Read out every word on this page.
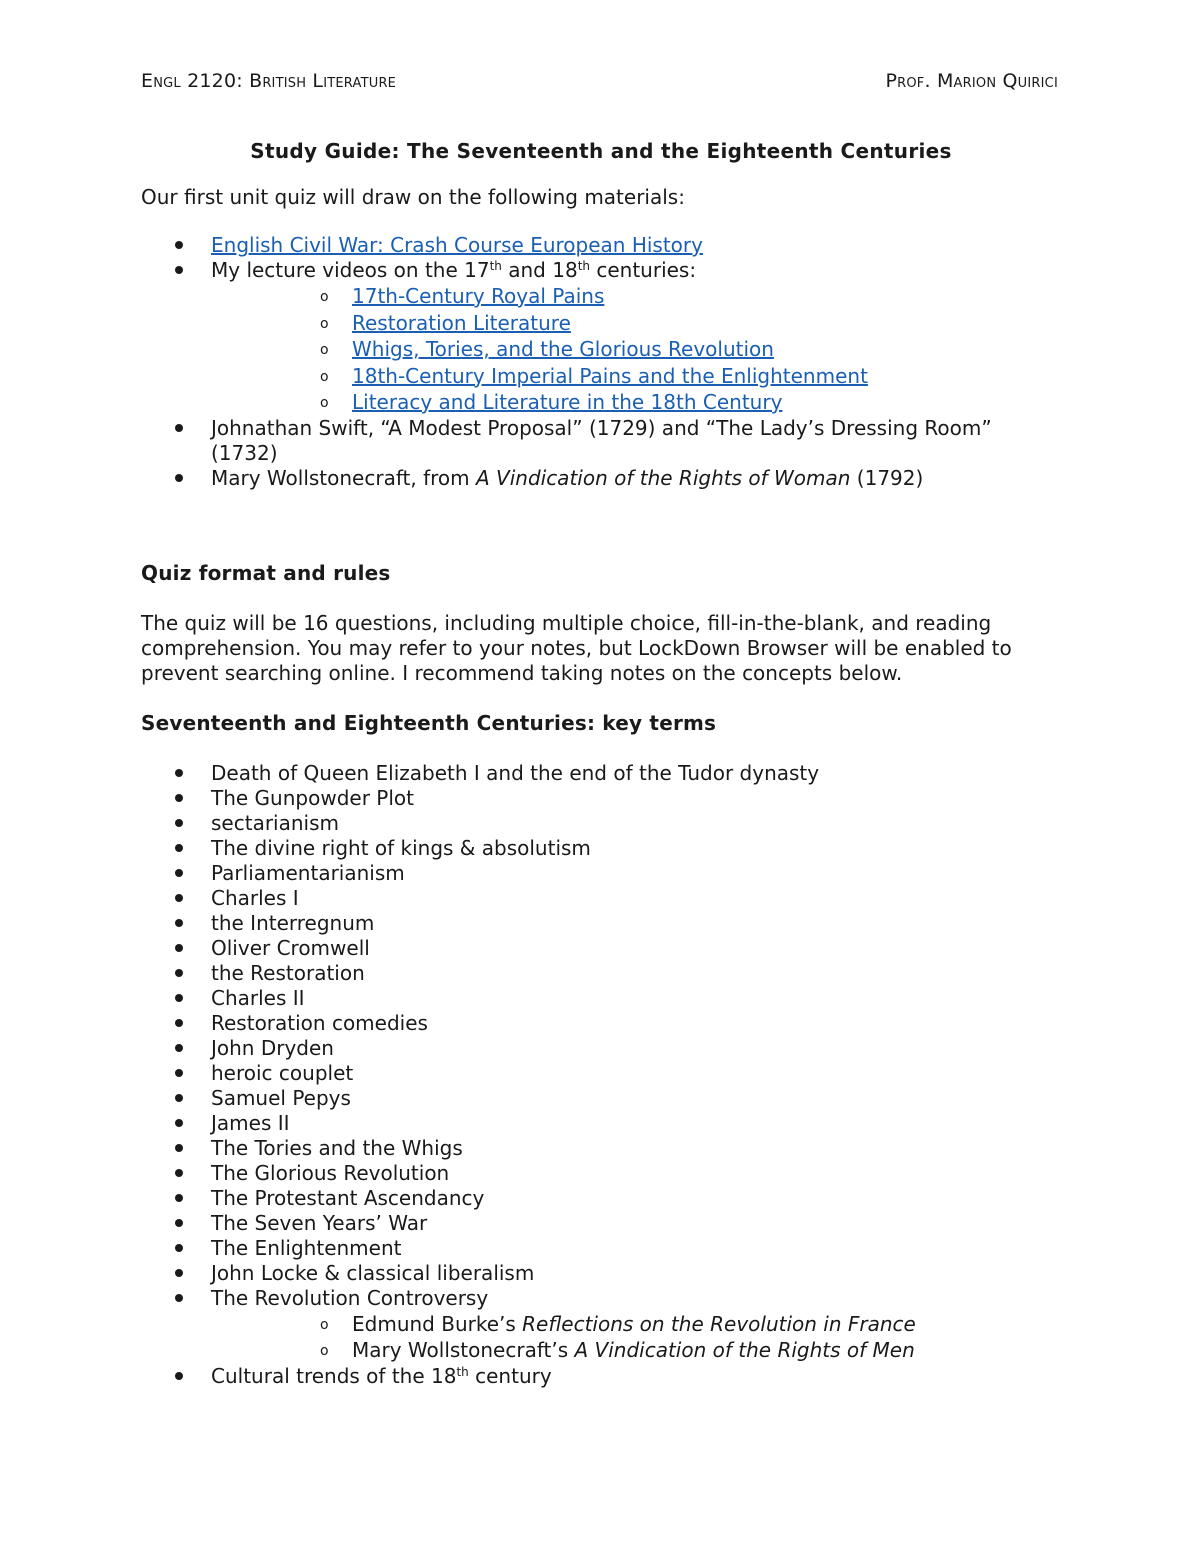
Engl 2120: British Literature	Prof. Marion Quirici
Study Guide: The Seventeenth and the Eighteenth Centuries

Our first unit quiz will draw on the following materials:

English Civil War: Crash Course European History
My lecture videos on the 17th and 18th centuries:
o 17th-Century Royal Pains
o Restoration Literature
o Whigs, Tories, and the Glorious Revolution
o 18th-Century Imperial Pains and the Enlightenment
o Literacy and Literature in the 18th Century
Johnathan Swift, “A Modest Proposal” (1729) and “The Lady’s Dressing Room” (1732)
Mary Wollstonecraft, from A Vindication of the Rights of Woman (1792)
Quiz format and rules

The quiz will be 16 questions, including multiple choice, fill-in-the-blank, and reading comprehension. You may refer to your notes, but LockDown Browser will be enabled to prevent searching online. I recommend taking notes on the concepts below.

Seventeenth and Eighteenth Centuries: key terms
Death of Queen Elizabeth I and the end of the Tudor dynasty
The Gunpowder Plot
sectarianism
The divine right of kings & absolutism
Parliamentarianism
Charles I
the Interregnum
Oliver Cromwell
the Restoration
Charles II
Restoration comedies
John Dryden
heroic couplet
Samuel Pepys
James II
The Tories and the Whigs
The Glorious Revolution
The Protestant Ascendancy
The Seven Years’ War
The Enlightenment
John Locke & classical liberalism
The Revolution Controversy
o Edmund Burke’s Reflections on the Revolution in France
o Mary Wollstonecraft’s A Vindication of the Rights of Men
Cultural trends of the 18th century
